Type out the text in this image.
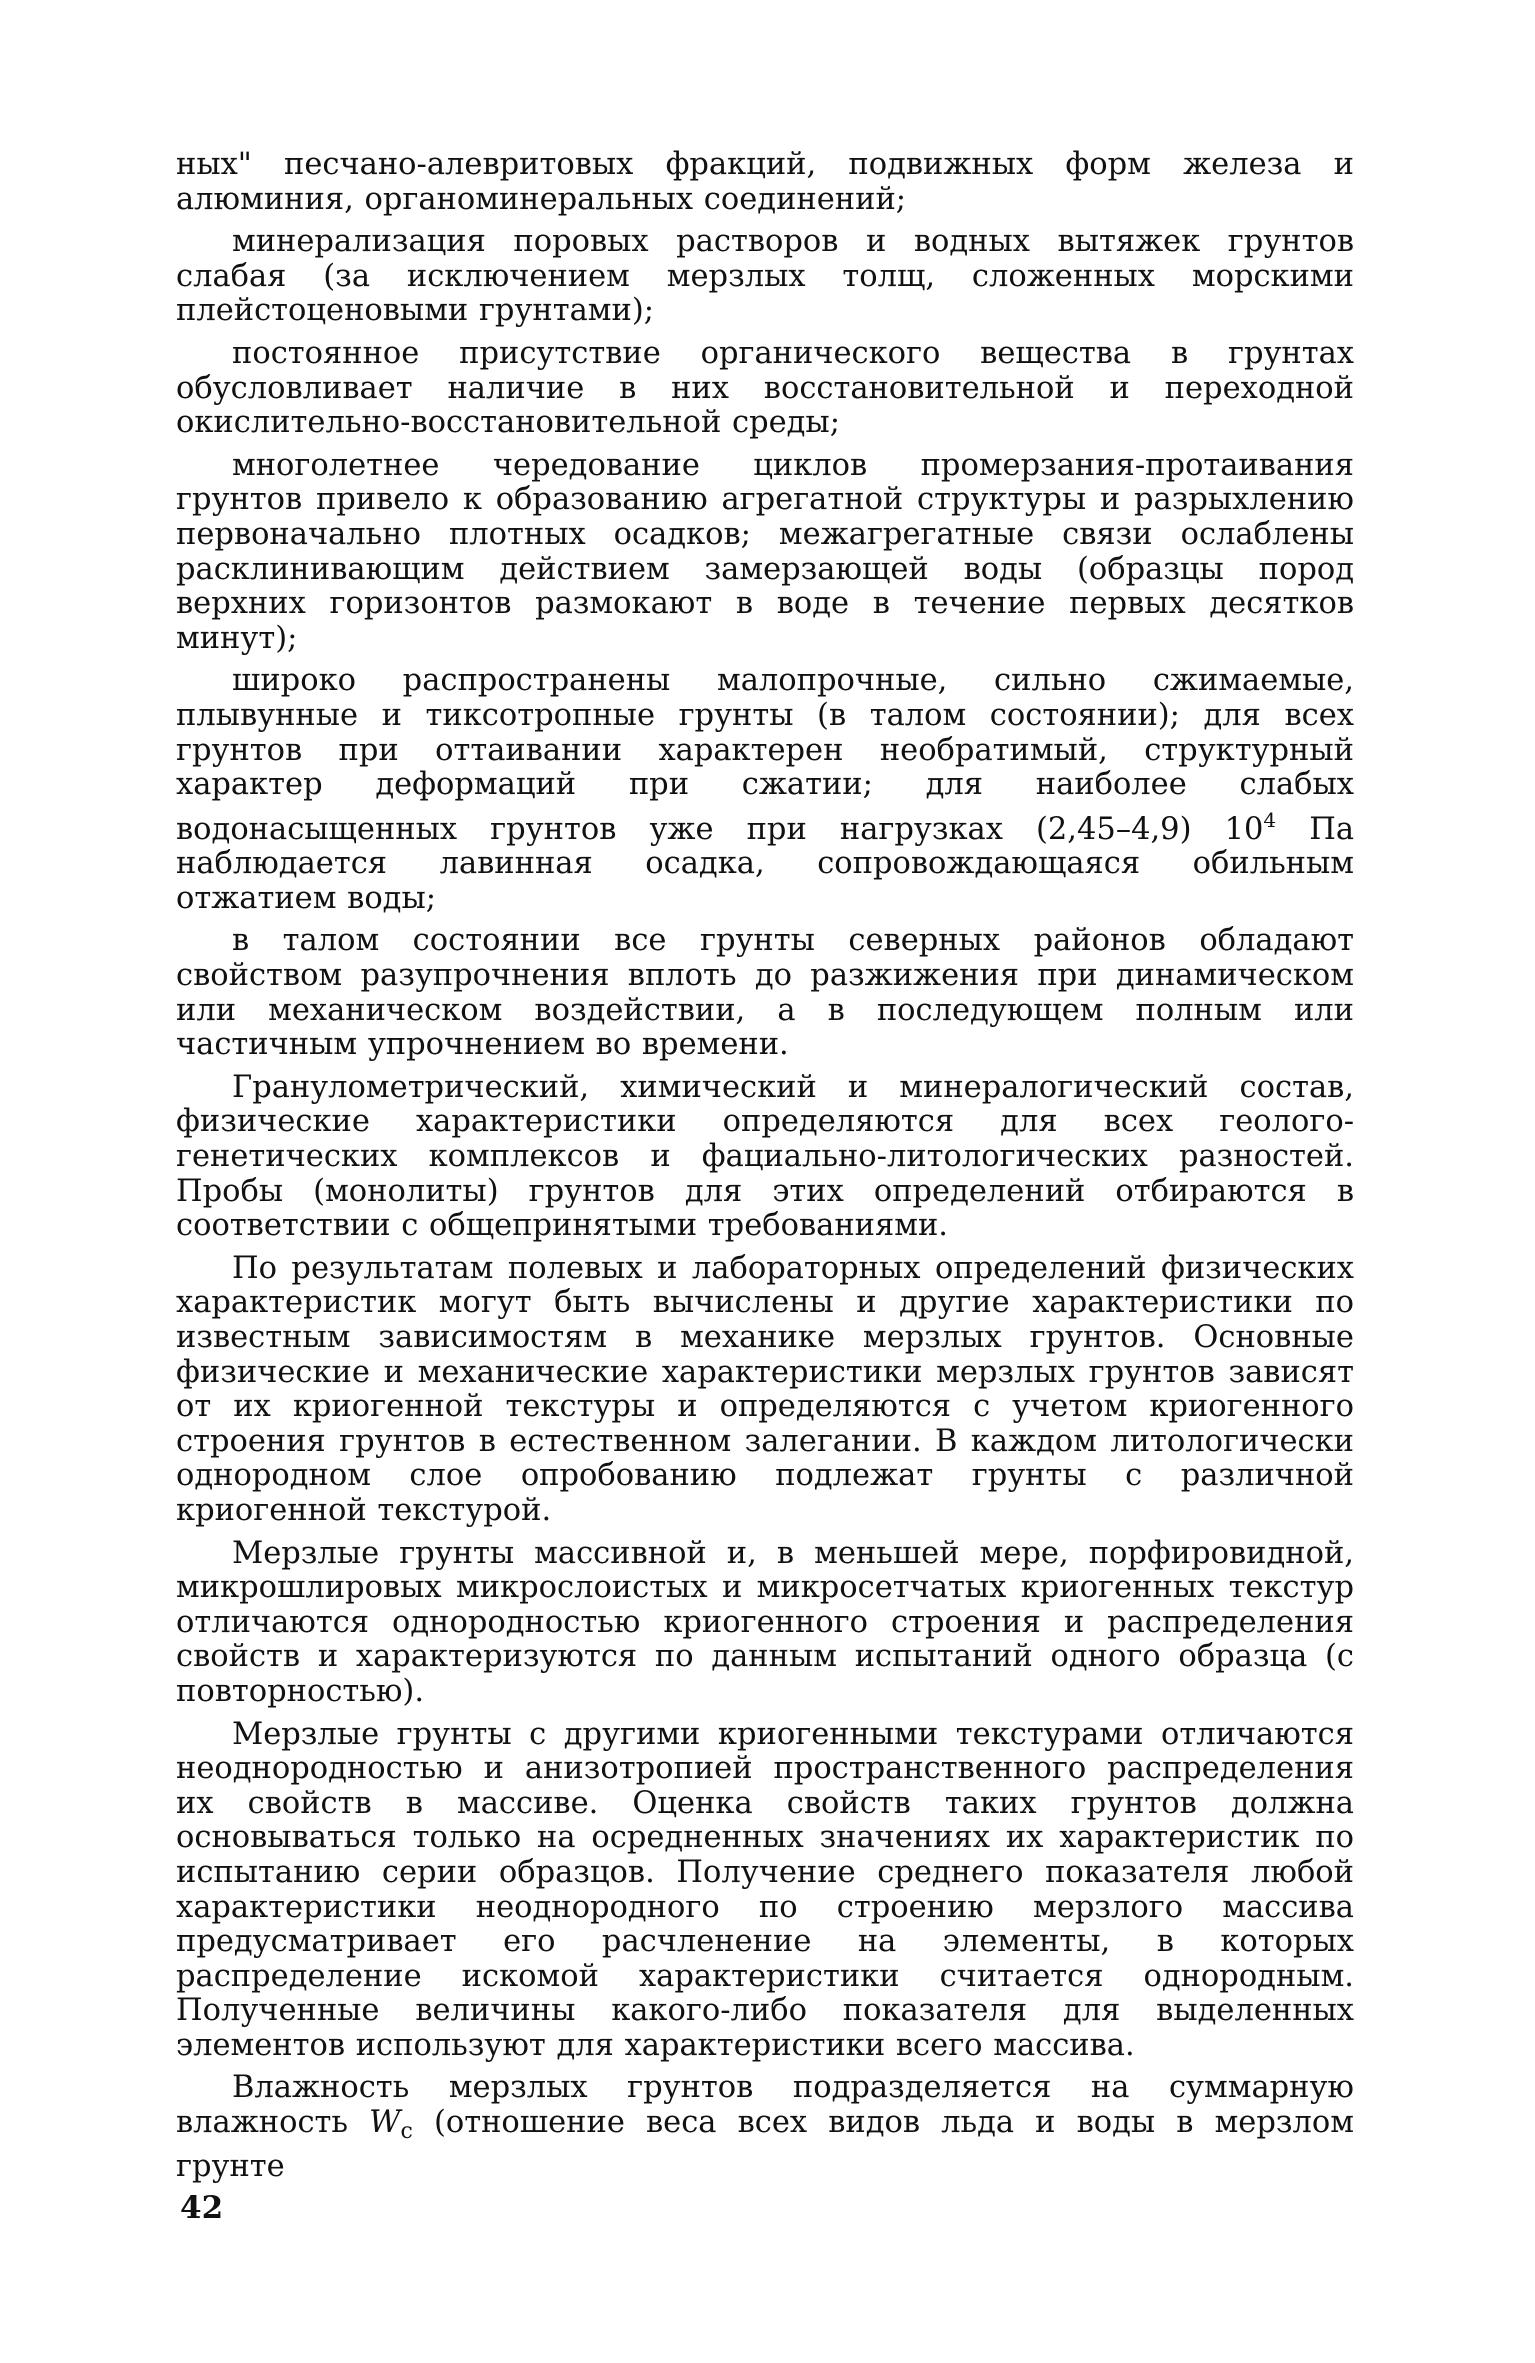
ных" песчано-алевритовых фракций, подвижных форм железа и алюминия, органоминеральных соединений;

минерализация поровых растворов и водных вытяжек грунтов слабая (за исключением мерзлых толщ, сложенных морскими плейстоценовыми грунтами);

постоянное присутствие органического вещества в грунтах обусловливает наличие в них восстановительной и переходной окислительно-восстановительной среды;

многолетнее чередование циклов промерзания-протаивания грунтов привело к образованию агрегатной структуры и разрыхлению первоначально плотных осадков; межагрегатные связи ослаблены расклинивающим действием замерзающей воды (образцы пород верхних горизонтов размокают в воде в течение первых десятков минут);

широко распространены малопрочные, сильно сжимаемые, плывунные и тиксотропные грунты (в талом состоянии); для всех грунтов при оттаивании характерен необратимый, структурный характер деформаций при сжатии; для наиболее слабых водонасыщенных грунтов уже при нагрузках (2,45–4,9) $10^4$ Па наблюдается лавинная осадка, сопровождающаяся обильным отжатием воды;

в талом состоянии все грунты северных районов обладают свойством разупрочнения вплоть до разжижения при динамическом или механическом воздействии, а в последующем полным или частичным упрочнением во времени.

Гранулометрический, химический и минералогический состав, физические характеристики определяются для всех геолого-генетических комплексов и фациально-литологических разностей. Пробы (монолиты) грунтов для этих определений отбираются в соответствии с общепринятыми требованиями.

По результатам полевых и лабораторных определений физических характеристик могут быть вычислены и другие характеристики по известным зависимостям в механике мерзлых грунтов. Основные физические и механические характеристики мерзлых грунтов зависят от их криогенной текстуры и определяются с учетом криогенного строения грунтов в естественном залегании. В каждом литологически однородном слое опробованию подлежат грунты с различной криогенной текстурой.

Мерзлые грунты массивной и, в меньшей мере, порфировидной, микрошлировых микрослоистых и микросетчатых криогенных текстур отличаются однородностью криогенного строения и распределения свойств и характеризуются по данным испытаний одного образца (с повторностью).

Мерзлые грунты с другими криогенными текстурами отличаются неоднородностью и анизотропией пространственного распределения их свойств в массиве. Оценка свойств таких грунтов должна основываться только на осредненных значениях их характеристик по испытанию серии образцов. Получение среднего показателя любой характеристики неоднородного по строению мерзлого массива предусматривает его расчленение на элементы, в которых распределение искомой характеристики считается однородным. Полученные величины какого-либо показателя для выделенных элементов используют для характеристики всего массива.

Влажность мерзлых грунтов подразделяется на суммарную влажность $W_c$ (отношение веса всех видов льда и воды в мерзлом грунте

42
